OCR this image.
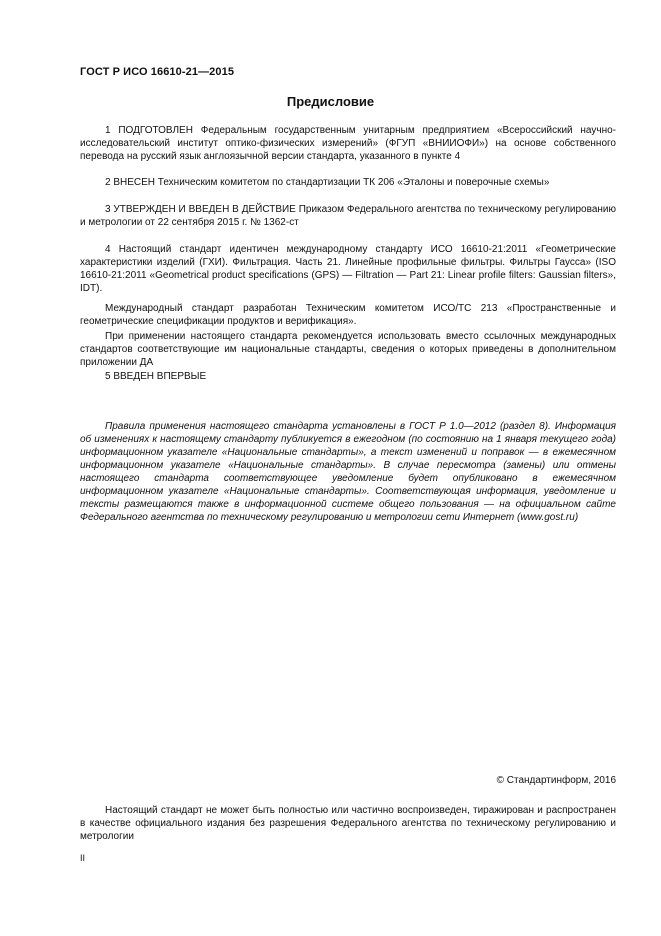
ГОСТ Р ИСО 16610-21—2015
Предисловие

1 ПОДГОТОВЛЕН Федеральным государственным унитарным предприятием «Всероссийский научно-исследовательский институт оптико-физических измерений» (ФГУП «ВНИИОФИ») на основе собственного перевода на русский язык англоязычной версии стандарта, указанного в пункте 4

2 ВНЕСЕН Техническим комитетом по стандартизации ТК 206 «Эталоны и поверочные схемы»

3 УТВЕРЖДЕН И ВВЕДЕН В ДЕЙСТВИЕ Приказом Федерального агентства по техническому регулированию и метрологии от 22 сентября 2015 г. № 1362-ст

4 Настоящий стандарт идентичен международному стандарту ИСО 16610-21:2011 «Геометрические характеристики изделий (ГХИ). Фильтрация. Часть 21. Линейные профильные фильтры. Фильтры Гаусса» (ISO 16610-21:2011 «Geometrical product specifications (GPS) — Filtration — Part 21: Linear profile filters: Gaussian filters», IDT).

Международный стандарт разработан Техническим комитетом ИСО/ТС 213 «Пространственные и геометрические спецификации продуктов и верификация».

При применении настоящего стандарта рекомендуется использовать вместо ссылочных международных стандартов соответствующие им национальные стандарты, сведения о которых приведены в дополнительном приложении ДА

5 ВВЕДЕН ВПЕРВЫЕ

Правила применения настоящего стандарта установлены в ГОСТ Р 1.0—2012 (раздел 8). Информация об изменениях к настоящему стандарту публикуется в ежегодном (по состоянию на 1 января текущего года) информационном указателе «Национальные стандарты», а текст изменений и поправок — в ежемесячном информационном указателе «Национальные стандарты». В случае пересмотра (замены) или отмены настоящего стандарта соответствующее уведомление будет опубликовано в ежемесячном информационном указателе «Национальные стандарты». Соответствующая информация, уведомление и тексты размещаются также в информационной системе общего пользования — на официальном сайте Федерального агентства по техническому регулированию и метрологии сети Интернет (www.gost.ru)

© Стандартинформ, 2016

Настоящий стандарт не может быть полностью или частично воспроизведен, тиражирован и распространен в качестве официального издания без разрешения Федерального агентства по техническому регулированию и метрологии

II
